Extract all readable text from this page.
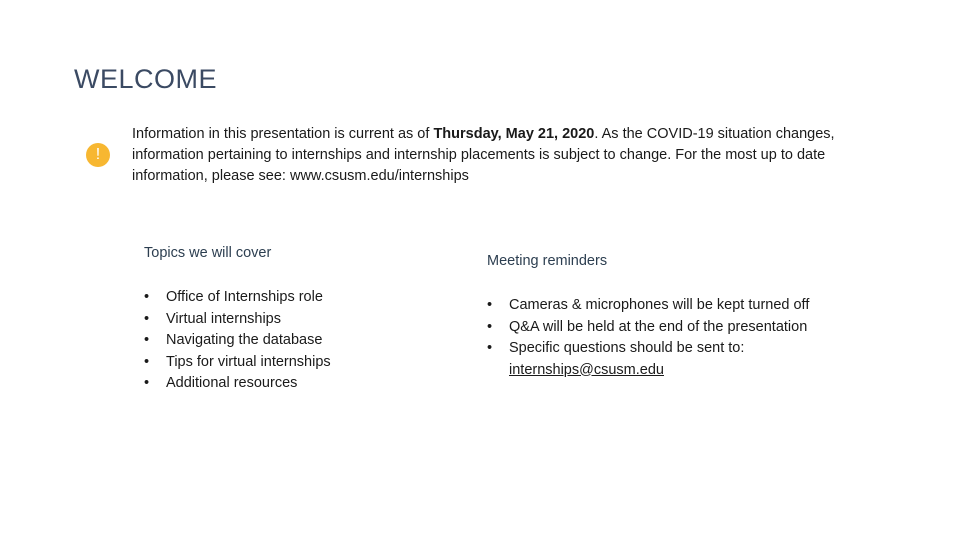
WELCOME
!
Information in this presentation is current as of Thursday, May 21, 2020. As the COVID-19 situation changes, information pertaining to internships and internship placements is subject to change. For the most up to date information, please see: www.csusm.edu/internships
Topics we will cover
• Office of Internships role
• Virtual internships
• Navigating the database
• Tips for virtual internships
• Additional resources
Meeting reminders
• Cameras & microphones will be kept turned off
• Q&A will be held at the end of the presentation
• Specific questions should be sent to:
internships@csusm.edu
